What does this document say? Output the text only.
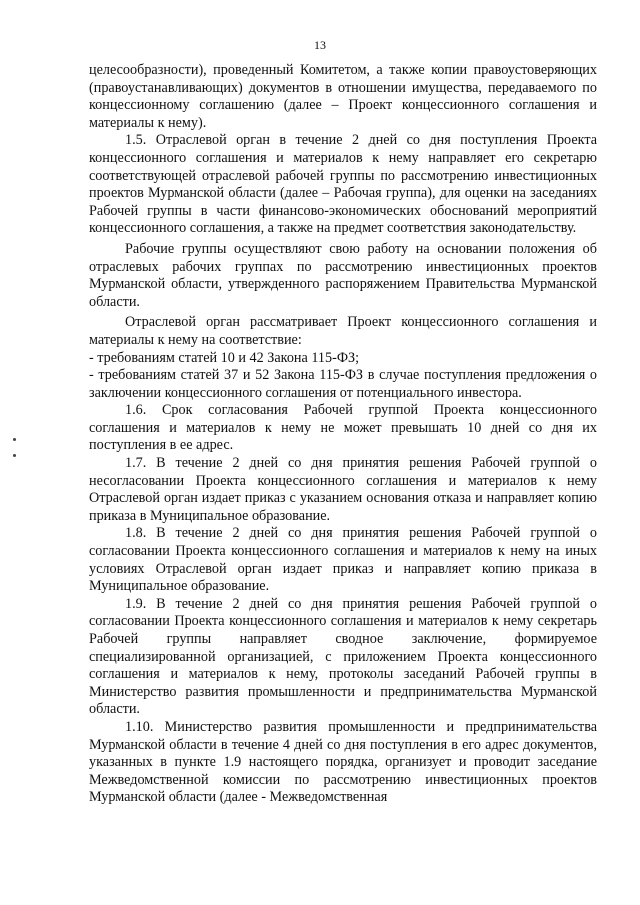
13

целесообразности), проведенный Комитетом, а также копии правоустоверяющих (правоустанавливающих) документов в отношении имущества, передаваемого по концессионному соглашению (далее – Проект концессионного соглашения и материалы к нему).

1.5. Отраслевой орган в течение 2 дней со дня поступления Проекта концессионного соглашения и материалов к нему направляет его секретарю соответствующей отраслевой рабочей группы по рассмотрению инвестиционных проектов Мурманской области (далее – Рабочая группа), для оценки на заседаниях Рабочей группы в части финансово-экономических обоснований мероприятий концессионного соглашения, а также на предмет соответствия законодательству.

Рабочие группы осуществляют свою работу на основании положения об отраслевых рабочих группах по рассмотрению инвестиционных проектов Мурманской области, утвержденного распоряжением Правительства Мурманской области.

Отраслевой орган рассматривает Проект концессионного соглашения и материалы к нему на соответствие:

- требованиям статей 10 и 42 Закона 115-ФЗ;

- требованиям статей 37 и 52 Закона 115-ФЗ в случае поступления предложения о заключении концессионного соглашения от потенциального инвестора.

1.6. Срок согласования Рабочей группой Проекта концессионного соглашения и материалов к нему не может превышать 10 дней со дня их поступления в ее адрес.

1.7. В течение 2 дней со дня принятия решения Рабочей группой о несогласовании Проекта концессионного соглашения и материалов к нему Отраслевой орган издает приказ с указанием основания отказа и направляет копию приказа в Муниципальное образование.

1.8. В течение 2 дней со дня принятия решения Рабочей группой о согласовании Проекта концессионного соглашения и материалов к нему на иных условиях Отраслевой орган издает приказ и направляет копию приказа в Муниципальное образование.

1.9. В течение 2 дней со дня принятия решения Рабочей группой о согласовании Проекта концессионного соглашения и материалов к нему секретарь Рабочей группы направляет сводное заключение, формируемое специализированной организацией, с приложением Проекта концессионного соглашения и материалов к нему, протоколы заседаний Рабочей группы в Министерство развития промышленности и предпринимательства Мурманской области.

1.10. Министерство развития промышленности и предпринимательства Мурманской области в течение 4 дней со дня поступления в его адрес документов, указанных в пункте 1.9 настоящего порядка, организует и проводит заседание Межведомственной комиссии по рассмотрению инвестиционных проектов Мурманской области (далее - Межведомственная
